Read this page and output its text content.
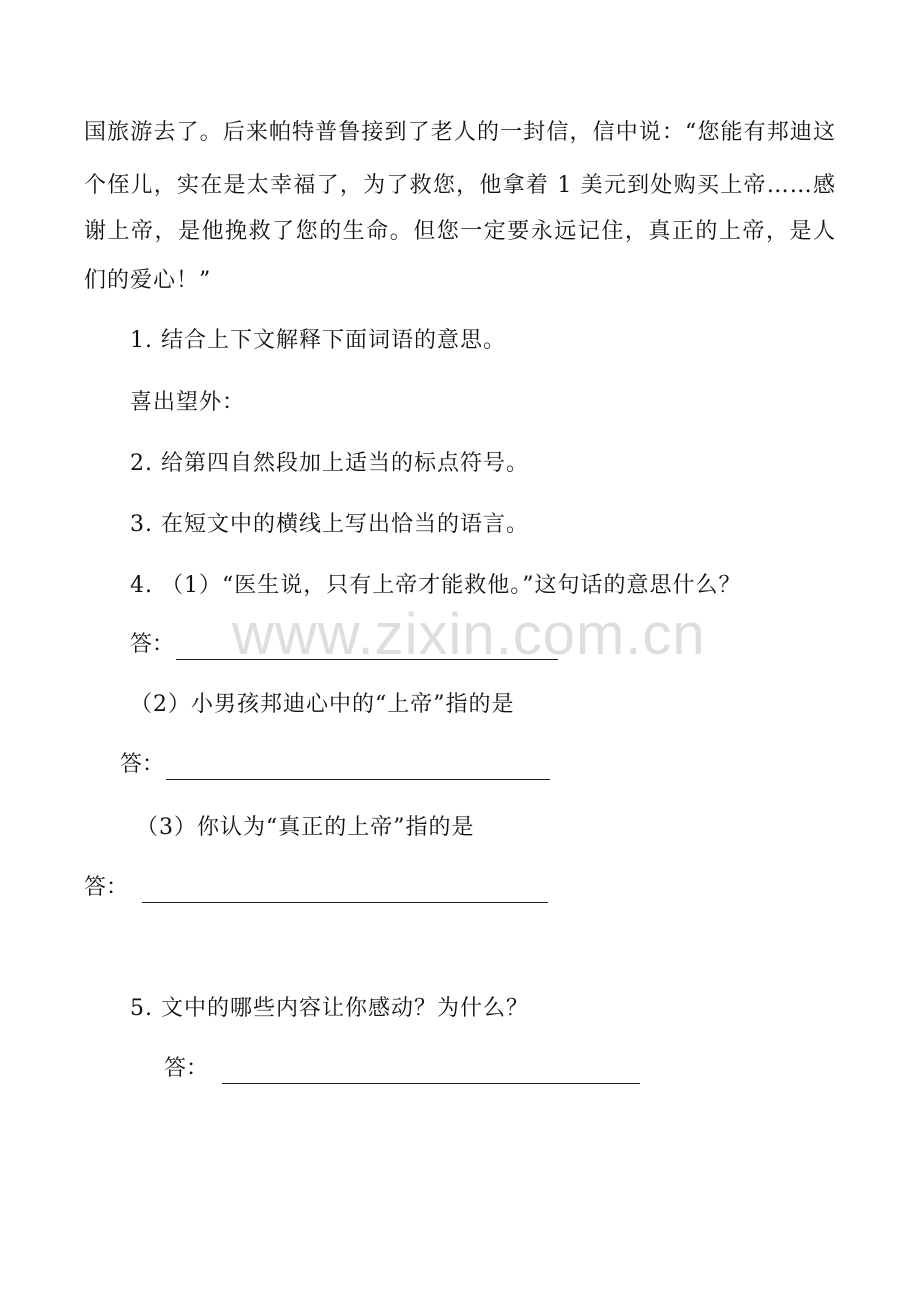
国旅游去了。后来帕特普鲁接到了老人的一封信，信中说：“您能有邦迪这
个侄儿，实在是太幸福了，为了救您，他拿着 1 美元到处购买上帝……感
谢上帝，是他挽救了您的生命。但您一定要永远记住，真正的上帝，是人
们的爱心！”
1. 结合上下文解释下面词语的意思。
喜出望外：
2. 给第四自然段加上适当的标点符号。
3. 在短文中的横线上写出恰当的语言。
4. （1）“医生说，只有上帝才能救他。”这句话的意思什么？
答：
（2）小男孩邦迪心中的“上帝”指的是
答：
（3）你认为“真正的上帝”指的是
答：
5. 文中的哪些内容让你感动？为什么？
答：
www.zixin.com.cn
